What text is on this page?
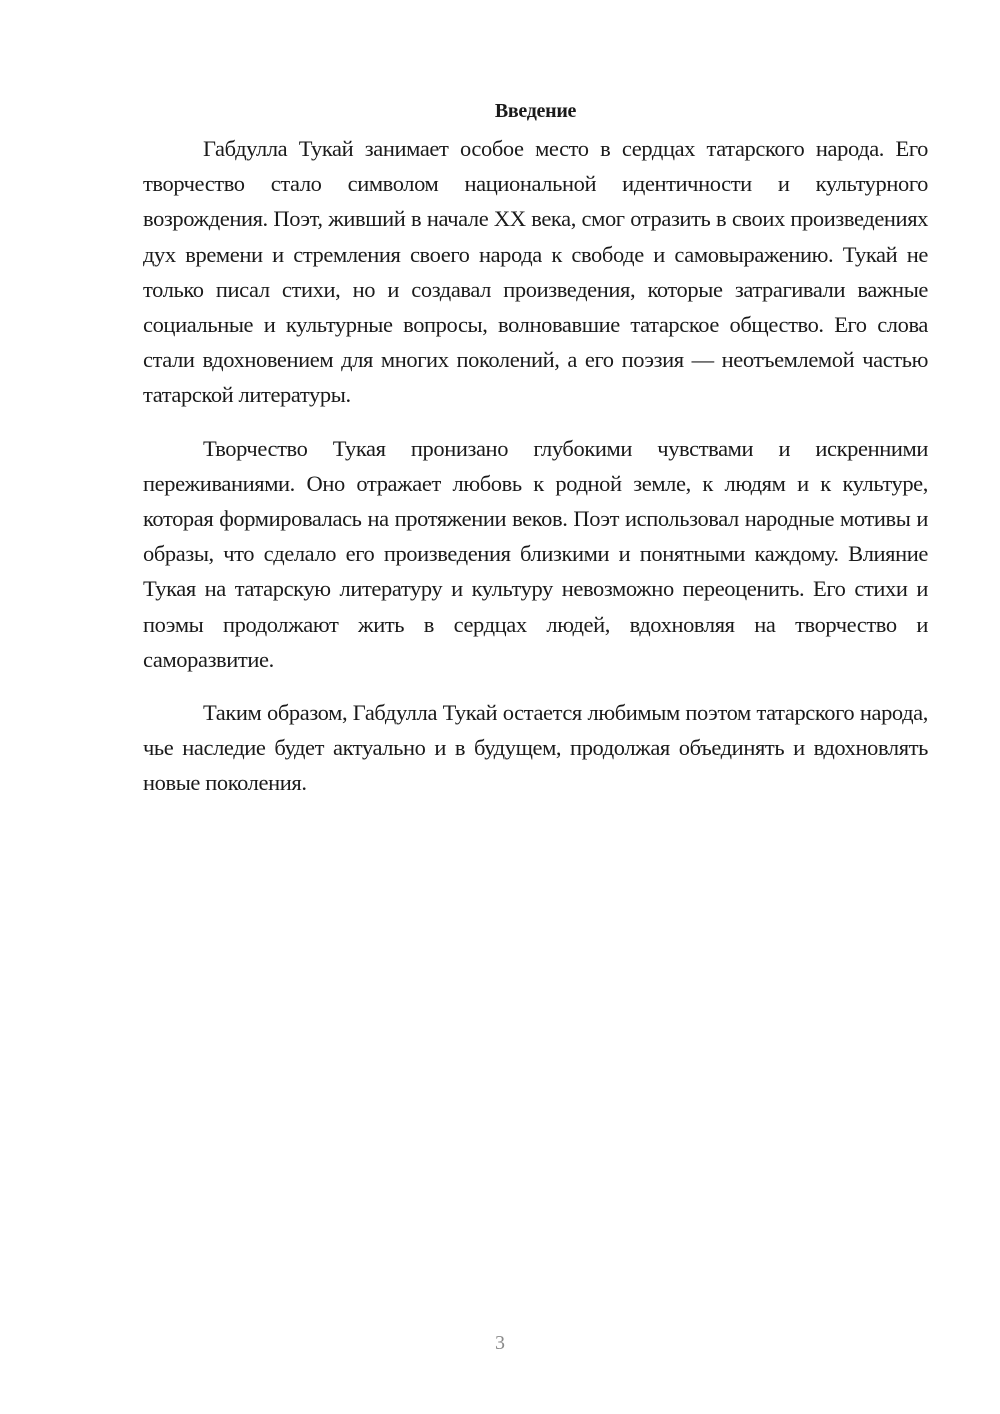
Введение

Габдулла Тукай занимает особое место в сердцах татарского народа. Его творчество стало символом национальной идентичности и культурного возрождения. Поэт, живший в начале XX века, смог отразить в своих произведениях дух времени и стремления своего народа к свободе и самовыражению. Тукай не только писал стихи, но и создавал произведения, которые затрагивали важные социальные и культурные вопросы, волновавшие татарское общество. Его слова стали вдохновением для многих поколений, а его поэзия — неотъемлемой частью татарской литературы.

Творчество Тукая пронизано глубокими чувствами и искренними переживаниями. Оно отражает любовь к родной земле, к людям и к культуре, которая формировалась на протяжении веков. Поэт использовал народные мотивы и образы, что сделало его произведения близкими и понятными каждому. Влияние Тукая на татарскую литературу и культуру невозможно переоценить. Его стихи и поэмы продолжают жить в сердцах людей, вдохновляя на творчество и саморазвитие.

Таким образом, Габдулла Тукай остается любимым поэтом татарского народа, чье наследие будет актуально и в будущем, продолжая объединять и вдохновлять новые поколения.

3
